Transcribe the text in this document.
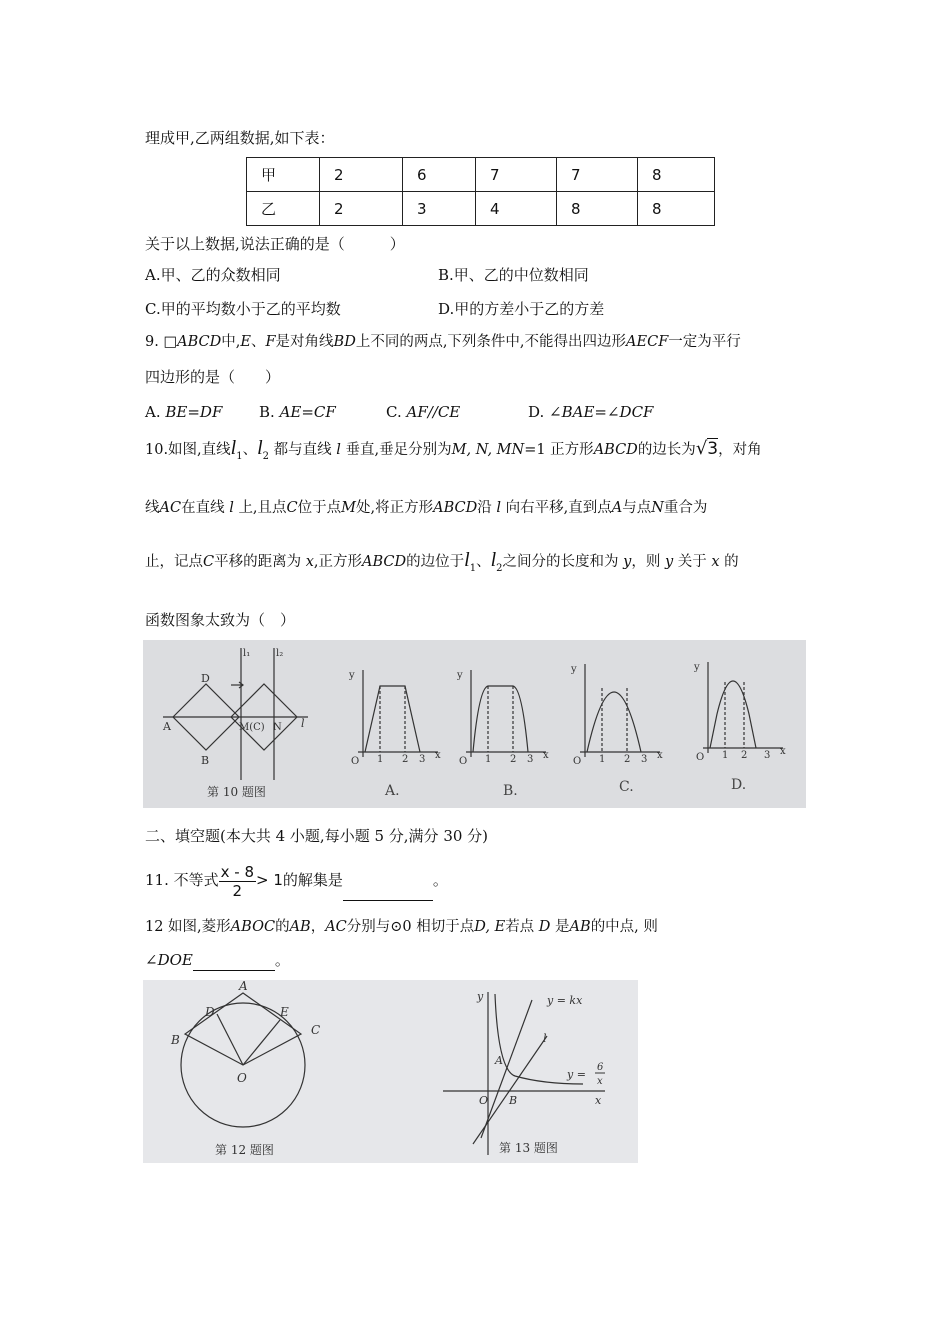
理成甲,乙两组数据,如下表：
甲	2	6	7	7	8
乙	2	3	4	8	8
关于以上数据,说法正确的是（　　　）
A.甲、乙的众数相同	B.甲、乙的中位数相同
C.甲的平均数小于乙的平均数	D.甲的方差小于乙的方差
9. □ABCD中,E、F是对角线BD上不同的两点,下列条件中,不能得出四边形AECF一定为平行
四边形的是（　　）
A. BE=DF B. AE=CF	C. AF//CE	D. ∠BAE=∠DCF
10.如图,直线$l_1$、$l_2$ 都与直线 l 垂直,垂足分别为M, N, MN=1 正方形ABCD的边长为√3，对角
线AC在直线 l 上,且点C位于点M处,将正方形ABCD沿 l 向右平移,直到点A与点N重合为
止，记点C平移的距离为 x,正方形ABCD的边位于$l_1$、$l_2$之间分的长度和为 y，则 y 关于 x 的
函数图象太致为（　）
D
A
B
M(C) N l
l₁	l₂
第 10 题图
y
x
O 1 2 3
A.
y
x
O 1 2 3
B.
y
x
O 1 2 3
C.
y
x
O 1 2 3
D.
二、填空题(本大共 4 小题,每小题 5 分,满分 30 分)
11. 不等式 $\frac{x - 8}{2} > 1$的解集是	。
12 如图,菱形ABOC的AB，AC分别与⊙0 相切于点D, E若点 D 是AB的中点, 则
∠DOE	。
A
B
C
D	E
O
第 12 题图
y
x
O
A
B
l
y = kx
y =
6
x
第 13 题图
